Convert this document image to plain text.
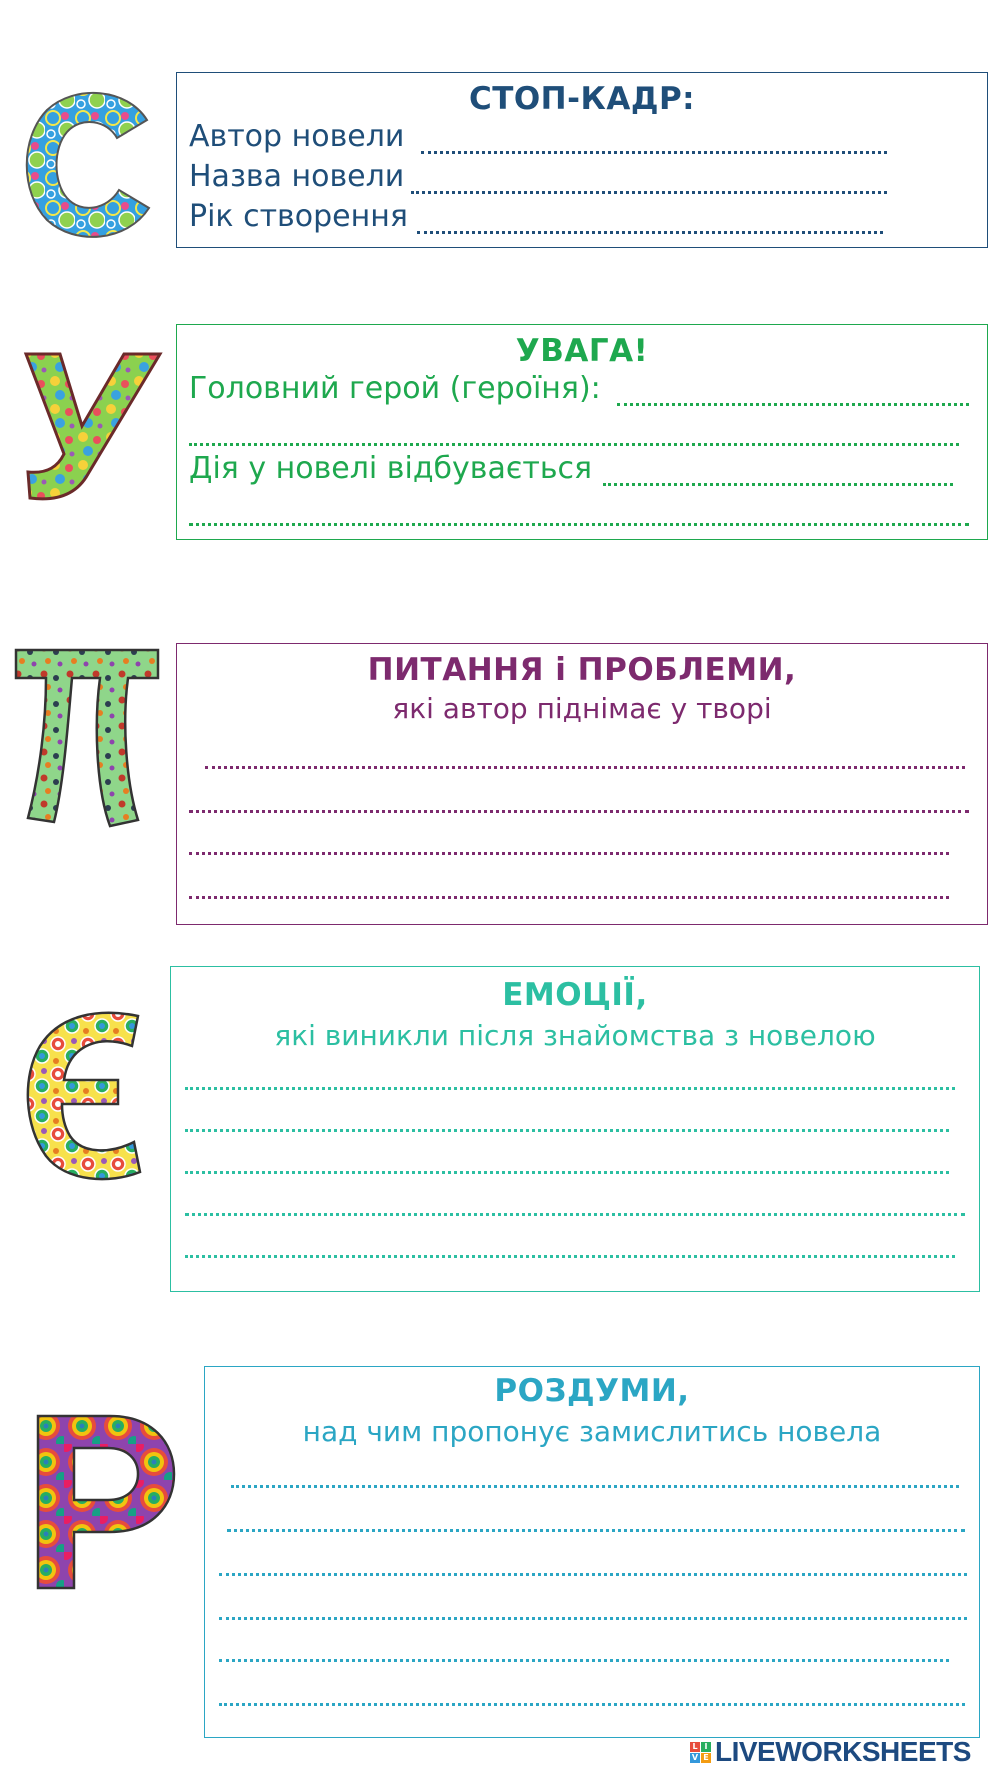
СТОП-КАДР:
Автор новели
Назва новели
Рік створення
УВАГА!
Головний герой (героїня):
Дія у новелі відбувається
ПИТАННЯ і ПРОБЛЕМИ,
які автор піднімає у творі
ЕМОЦІЇ,
які виникли після знайомства з новелою
РОЗДУМИ,
над чим пропонує замислитись новела
L I
V E LIVEWORKSHEETS
